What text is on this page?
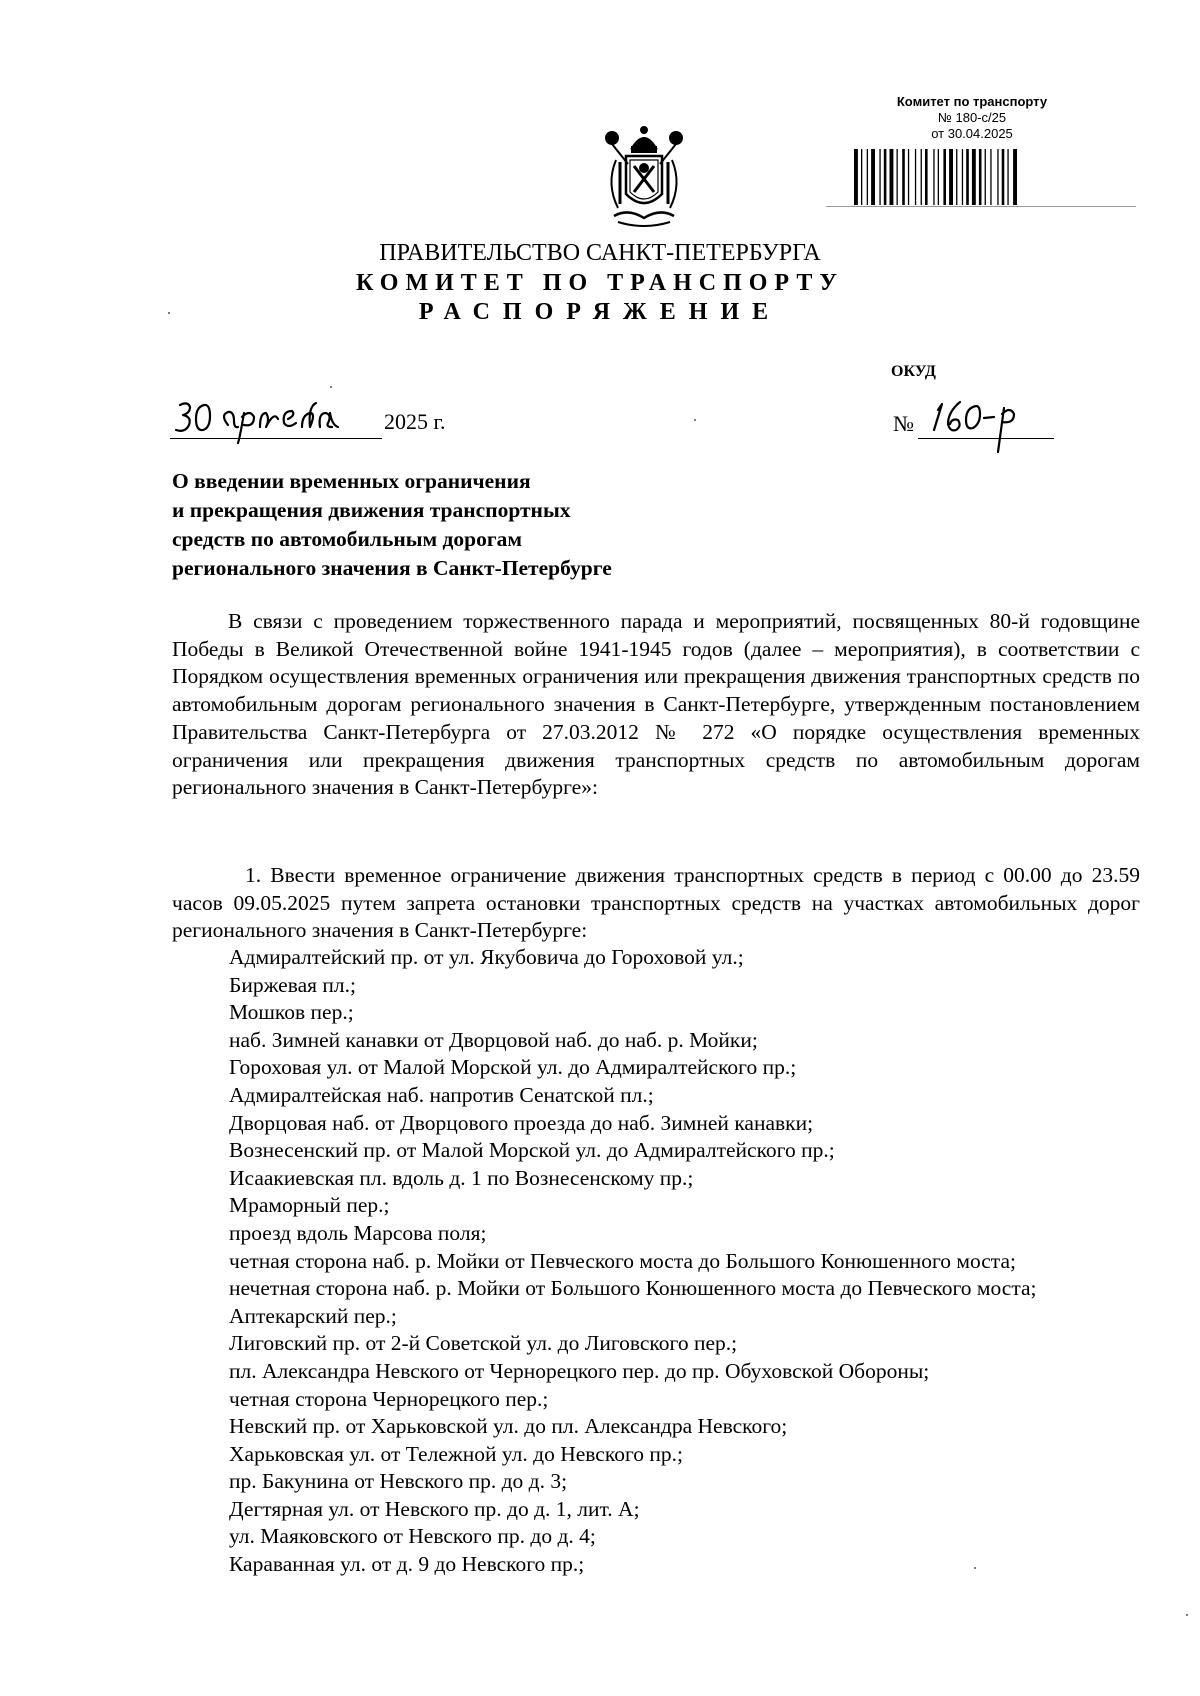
Комитет по транспорту
№ 180-с/25
от 30.04.2025
ПРАВИТЕЛЬСТВО САНКТ-ПЕТЕРБУРГА
КОМИТЕТ ПО ТРАНСПОРТУ
РАСПОРЯЖЕНИЕ
ОКУД
2025 г.	№
О введении временных ограничения
и прекращения движения транспортных
средств по автомобильным дорогам
регионального значения в Санкт-Петербурге
В связи с проведением торжественного парада и мероприятий, посвященных 80-й годовщине Победы в Великой Отечественной войне 1941-1945 годов (далее – мероприятия), в соответствии с Порядком осуществления временных ограничения или прекращения движения транспортных средств по автомобильным дорогам регионального значения в Санкт-Петербурге, утвержденным постановлением Правительства Санкт-Петербурга от 27.03.2012 № 272 «О порядке осуществления временных ограничения или прекращения движения транспортных средств по автомобильным дорогам регионального значения в Санкт-Петербурге»:
1. Ввести временное ограничение движения транспортных средств в период с 00.00 до 23.59 часов 09.05.2025 путем запрета остановки транспортных средств на участках автомобильных дорог регионального значения в Санкт-Петербурге:
Адмиралтейский пр. от ул. Якубовича до Гороховой ул.;
Биржевая пл.;
Мошков пер.;
наб. Зимней канавки от Дворцовой наб. до наб. р. Мойки;
Гороховая ул. от Малой Морской ул. до Адмиралтейского пр.;
Адмиралтейская наб. напротив Сенатской пл.;
Дворцовая наб. от Дворцового проезда до наб. Зимней канавки;
Вознесенский пр. от Малой Морской ул. до Адмиралтейского пр.;
Исаакиевская пл. вдоль д. 1 по Вознесенскому пр.;
Мраморный пер.;
проезд вдоль Марсова поля;
четная сторона наб. р. Мойки от Певческого моста до Большого Конюшенного моста;
нечетная сторона наб. р. Мойки от Большого Конюшенного моста до Певческого моста;
Аптекарский пер.;
Лиговский пр. от 2-й Советской ул. до Лиговского пер.;
пл. Александра Невского от Чернорецкого пер. до пр. Обуховской Обороны;
четная сторона Чернорецкого пер.;
Невский пр. от Харьковской ул. до пл. Александра Невского;
Харьковская ул. от Тележной ул. до Невского пр.;
пр. Бакунина от Невского пр. до д. 3;
Дегтярная ул. от Невского пр. до д. 1, лит. А;
ул. Маяковского от Невского пр. до д. 4;
Караванная ул. от д. 9 до Невского пр.;
